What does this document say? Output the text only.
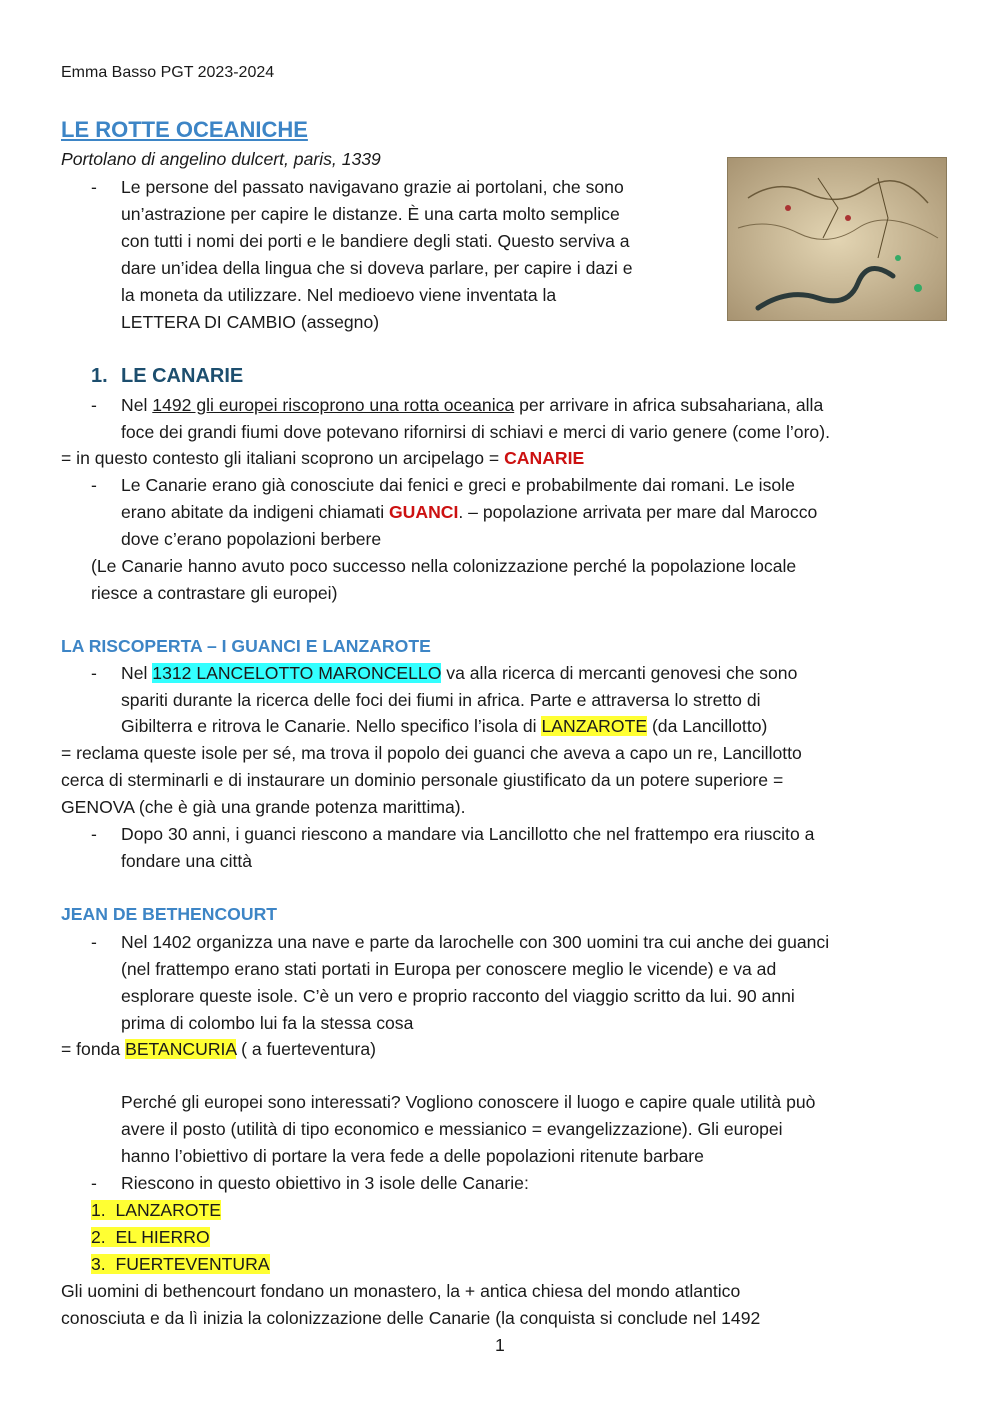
Emma Basso PGT 2023-2024
LE ROTTE OCEANICHE
Portolano di angelino dulcert, paris, 1339
- Le persone del passato navigavano grazie ai portolani, che sono
un’astrazione per capire le distanze. È una carta molto semplice
con tutti i nomi dei porti e le bandiere degli stati. Questo serviva a
dare un’idea della lingua che si doveva parlare, per capire i dazi e
la moneta da utilizzare. Nel medioevo viene inventata la
LETTERA DI CAMBIO (assegno)
1. LE CANARIE
- Nel 1492 gli europei riscoprono una rotta oceanica per arrivare in africa subsahariana, alla
foce dei grandi fiumi dove potevano rifornirsi di schiavi e merci di vario genere (come l’oro).
= in questo contesto gli italiani scoprono un arcipelago = CANARIE
- Le Canarie erano già conosciute dai fenici e greci e probabilmente dai romani. Le isole
erano abitate da indigeni chiamati GUANCI. – popolazione arrivata per mare dal Marocco
dove c’erano popolazioni berbere
(Le Canarie hanno avuto poco successo nella colonizzazione perché la popolazione locale
riesce a contrastare gli europei)
LA RISCOPERTA – I GUANCI E LANZAROTE
- Nel 1312 LANCELOTTO MARONCELLO va alla ricerca di mercanti genovesi che sono
spariti durante la ricerca delle foci dei fiumi in africa. Parte e attraversa lo stretto di
Gibilterra e ritrova le Canarie. Nello specifico l’isola di LANZAROTE (da Lancillotto)
= reclama queste isole per sé, ma trova il popolo dei guanci che aveva a capo un re, Lancillotto
cerca di sterminarli e di instaurare un dominio personale giustificato da un potere superiore =
GENOVA (che è già una grande potenza marittima).
- Dopo 30 anni, i guanci riescono a mandare via Lancillotto che nel frattempo era riuscito a
fondare una città
JEAN DE BETHENCOURT
- Nel 1402 organizza una nave e parte da larochelle con 300 uomini tra cui anche dei guanci
(nel frattempo erano stati portati in Europa per conoscere meglio le vicende) e va ad
esplorare queste isole. C’è un vero e proprio racconto del viaggio scritto da lui. 90 anni
prima di colombo lui fa la stessa cosa
= fonda BETANCURIA ( a fuerteventura)
Perché gli europei sono interessati? Vogliono conoscere il luogo e capire quale utilità può
avere il posto (utilità di tipo economico e messianico = evangelizzazione). Gli europei
hanno l’obiettivo di portare la vera fede a delle popolazioni ritenute barbare
- Riescono in questo obiettivo in 3 isole delle Canarie:
1.  LANZAROTE
2.  EL HIERRO
3.  FUERTEVENTURA
Gli uomini di bethencourt fondano un monastero, la + antica chiesa del mondo atlantico
conosciuta e da lì inizia la colonizzazione delle Canarie (la conquista si conclude nel 1492
1
